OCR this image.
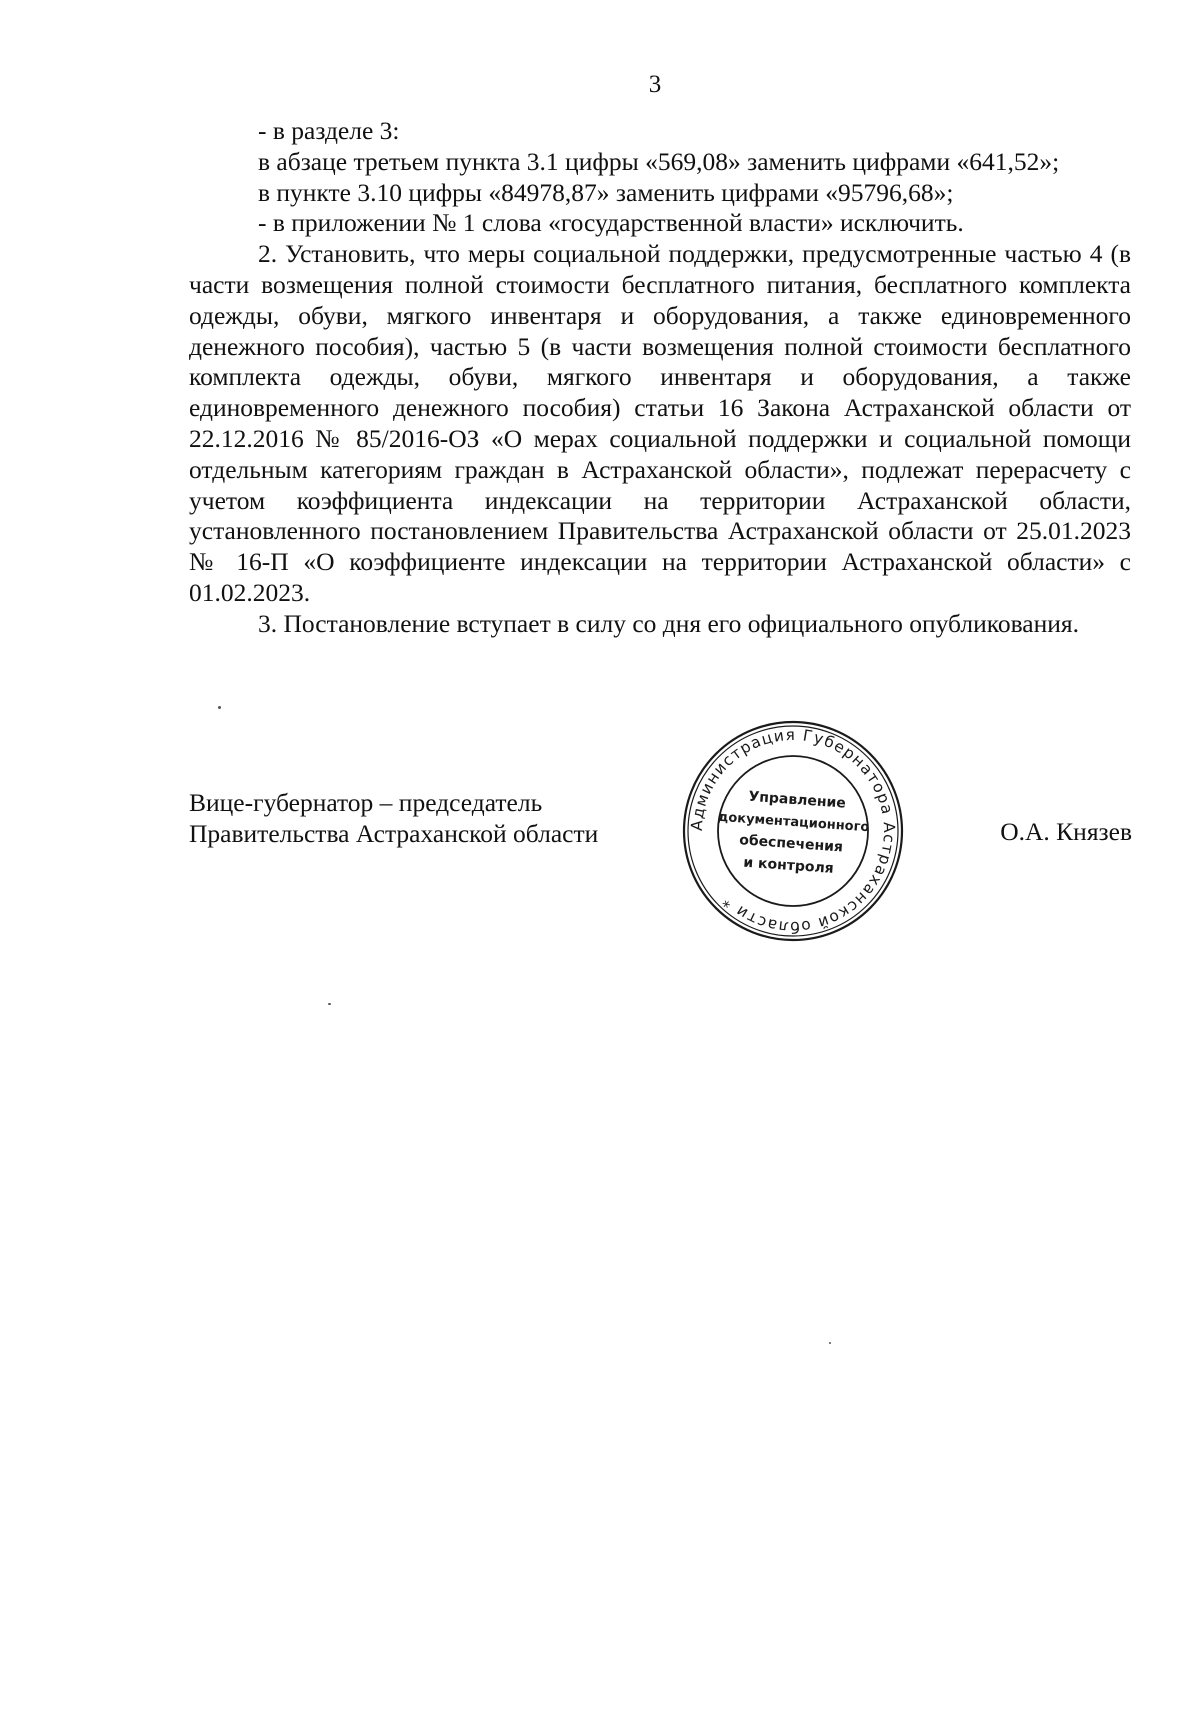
3

- в разделе 3:

в абзаце третьем пункта 3.1 цифры «569,08» заменить цифрами «641,52»;

в пункте 3.10 цифры «84978,87» заменить цифрами «95796,68»;

- в приложении № 1 слова «государственной власти» исключить.

2. Установить, что меры социальной поддержки, предусмотренные частью 4 (в части возмещения полной стоимости бесплатного питания, бесплатного комплекта одежды, обуви, мягкого инвентаря и оборудования, а также единовременного денежного пособия), частью 5 (в части возмещения полной стоимости бесплатного комплекта одежды, обуви, мягкого инвентаря и оборудования, а также единовременного денежного пособия) статьи 16 Закона Астраханской области от 22.12.2016 № 85/2016-ОЗ «О мерах социальной поддержки и социальной помощи отдельным категориям граждан в Астраханской области», подлежат перерасчету с учетом коэффициента индексации на территории Астраханской области, установленного постановлением Правительства Астраханской области от 25.01.2023 № 16-П «О коэффициенте индексации на территории Астраханской области» с 01.02.2023.

3. Постановление вступает в силу со дня его официального опубликования.

Вице-губернатор – председатель
Правительства Астраханской области	О.А. Князев
Администрация Губернатора Астраханской области *
Управление
документационного
обеспечения
и контроля
